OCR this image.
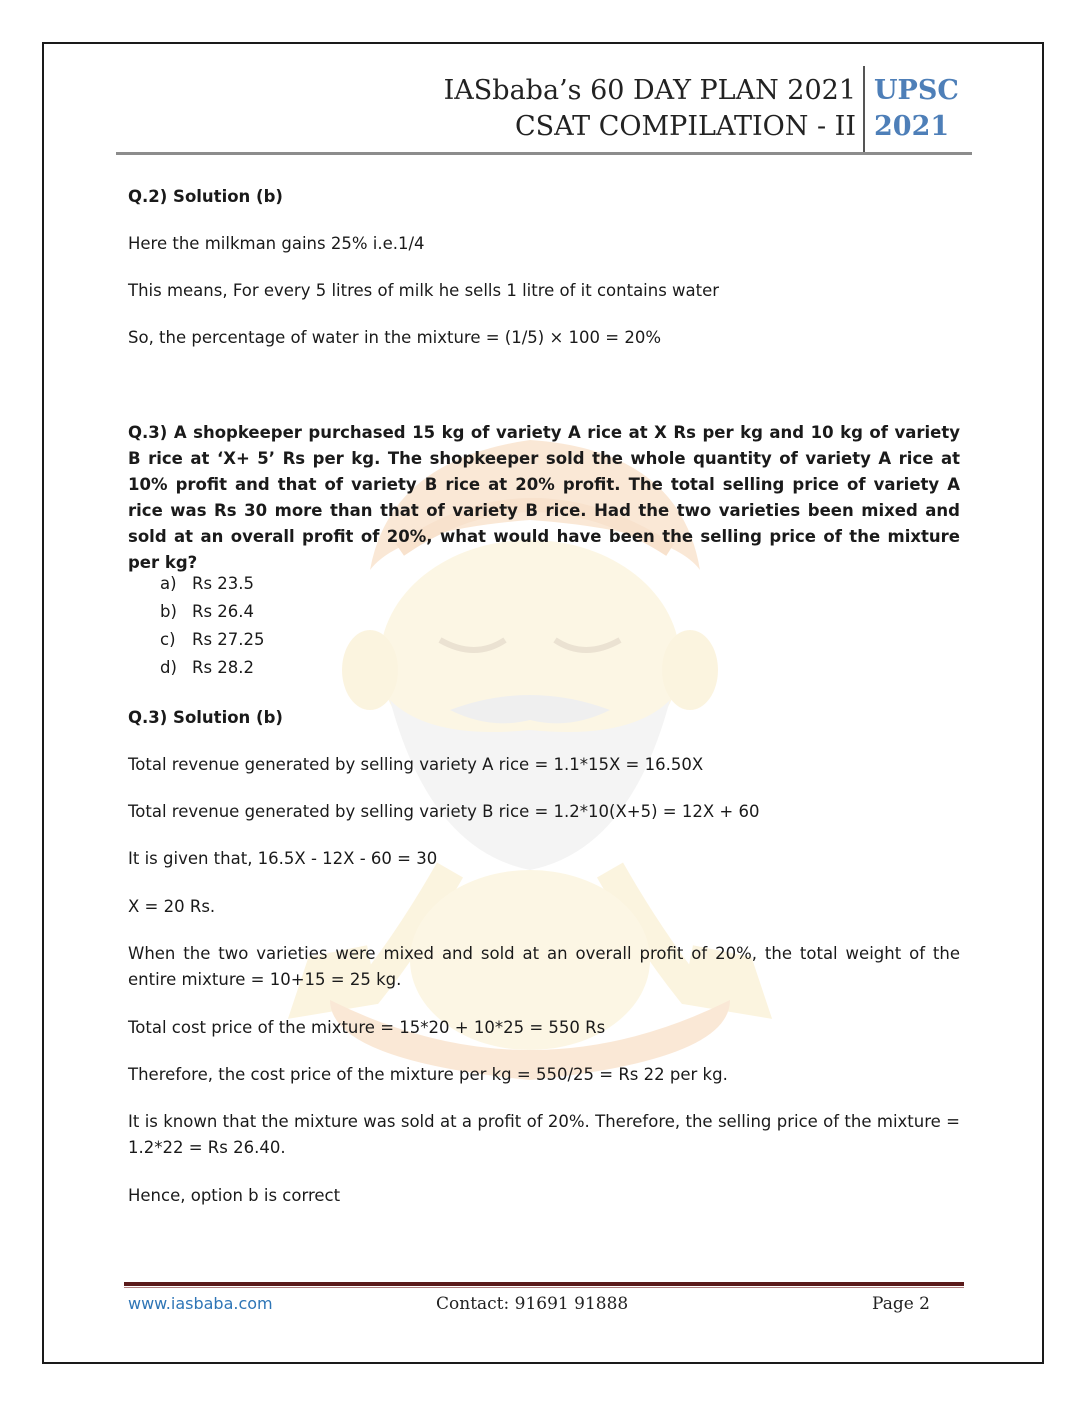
IASbaba’s 60 DAY PLAN 2021
CSAT COMPILATION - II
UPSC
2021

Q.2) Solution (b)

Here the milkman gains 25% i.e.1/4

This means, For every 5 litres of milk he sells 1 litre of it contains water

So, the percentage of water in the mixture = (1/5) × 100 = 20%

Q.3) A shopkeeper purchased 15 kg of variety A rice at X Rs per kg and 10 kg of variety B rice at ‘X+ 5’ Rs per kg. The shopkeeper sold the whole quantity of variety A rice at 10% profit and that of variety B rice at 20% profit. The total selling price of variety A rice was Rs 30 more than that of variety B rice. Had the two varieties been mixed and sold at an overall profit of 20%, what would have been the selling price of the mixture per kg?

a) Rs 23.5
b) Rs 26.4
c) Rs 27.25
d) Rs 28.2

Q.3) Solution (b)

Total revenue generated by selling variety A rice = 1.1*15X = 16.50X

Total revenue generated by selling variety B rice = 1.2*10(X+5) = 12X + 60

It is given that, 16.5X - 12X - 60 = 30

X = 20 Rs.

When the two varieties were mixed and sold at an overall profit of 20%, the total weight of the entire mixture = 10+15 = 25 kg.

Total cost price of the mixture = 15*20 + 10*25 = 550 Rs

Therefore, the cost price of the mixture per kg = 550/25 = Rs 22 per kg.

It is known that the mixture was sold at a profit of 20%. Therefore, the selling price of the mixture = 1.2*22 = Rs 26.40.

Hence, option b is correct

www.iasbaba.com	Contact: 91691 91888	Page 2
